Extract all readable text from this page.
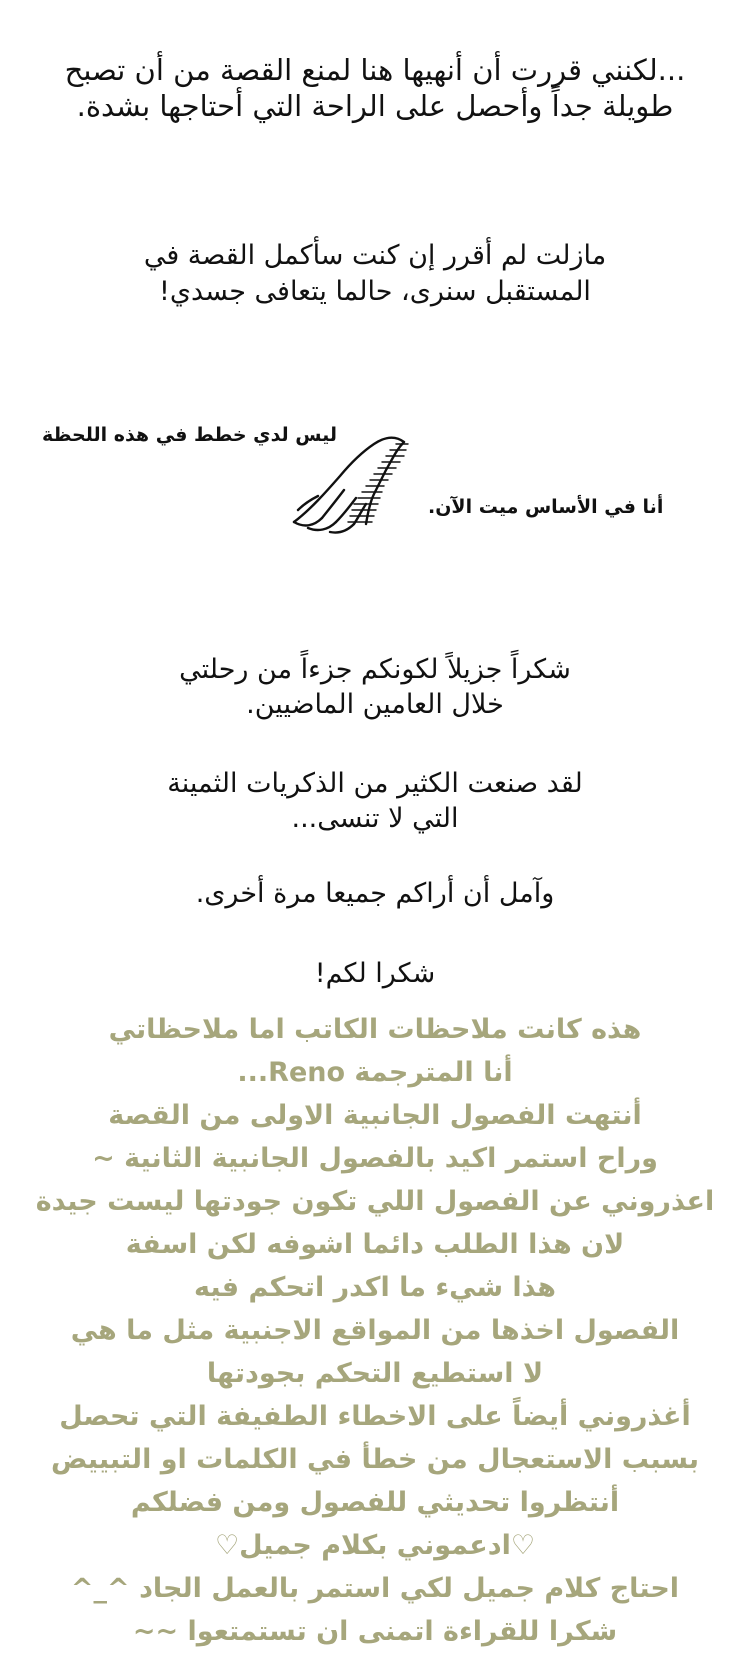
...لكنني قررت أن أنهيها هنا لمنع القصة من أن تصبح
طويلة جداً وأحصل على الراحة التي أحتاجها بشدة.
مازلت لم أقرر إن كنت سأكمل القصة في
المستقبل سنرى، حالما يتعافى جسدي!
ليس لدي خطط في هذه اللحظة
أنا في الأساس ميت الآن.
شكراً جزيلاً لكونكم جزءاً من رحلتي
خلال العامين الماضيين.
لقد صنعت الكثير من الذكريات الثمينة
التي لا تنسى...
وآمل أن أراكم جميعا مرة أخرى.
شكرا لكم!
هذه كانت ملاحظات الكاتب اما ملاحظاتي
أنا المترجمة Reno...
أنتهت الفصول الجانبية الاولى من القصة
وراح استمر اكيد بالفصول الجانبية الثانية ~
اعذروني عن الفصول اللي تكون جودتها ليست جيدة
لان هذا الطلب دائما اشوفه لكن اسفة
هذا شيء ما اكدر اتحكم فيه
الفصول اخذها من المواقع الاجنبية مثل ما هي
لا استطيع التحكم بجودتها
أغذروني أيضاً على الاخطاء الطفيفة التي تحصل
بسبب الاستعجال من خطأ في الكلمات او التبييض
أنتظروا تحديثي للفصول ومن فضلكم
♡ادعموني بكلام جميل♡
احتاج كلام جميل لكي استمر بالعمل الجاد ^_^
شكرا للقراءة اتمنى ان تستمتعوا ~~
